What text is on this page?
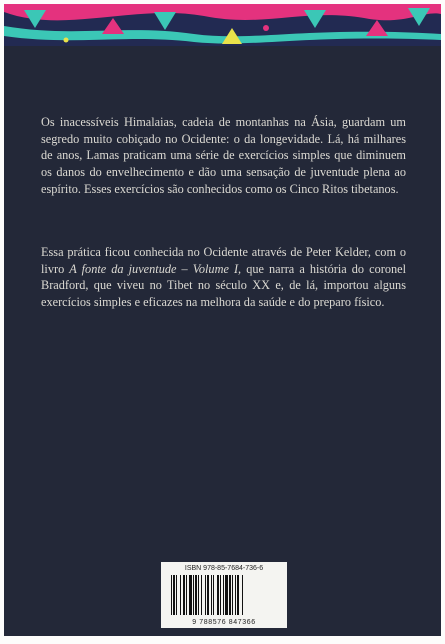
Os inacessíveis Himalaias, cadeia de montanhas na Ásia, guardam um segredo muito cobiçado no Ocidente: o da longevidade. Lá, há milhares de anos, Lamas praticam uma série de exercícios simples que diminuem os danos do envelhecimento e dão uma sensação de juventude plena ao espírito. Esses exercícios são conhecidos como os Cinco Ritos tibetanos.

Essa prática ficou conhecida no Ocidente através de Peter Kelder, com o livro A fonte da juventude – Volume I, que narra a história do coronel Bradford, que viveu no Tibet no século XX e, de lá, importou alguns exercícios simples e eficazes na melhora da saúde e do preparo físico.

ISBN 978-85-7684-736-6
9 788576 847366
